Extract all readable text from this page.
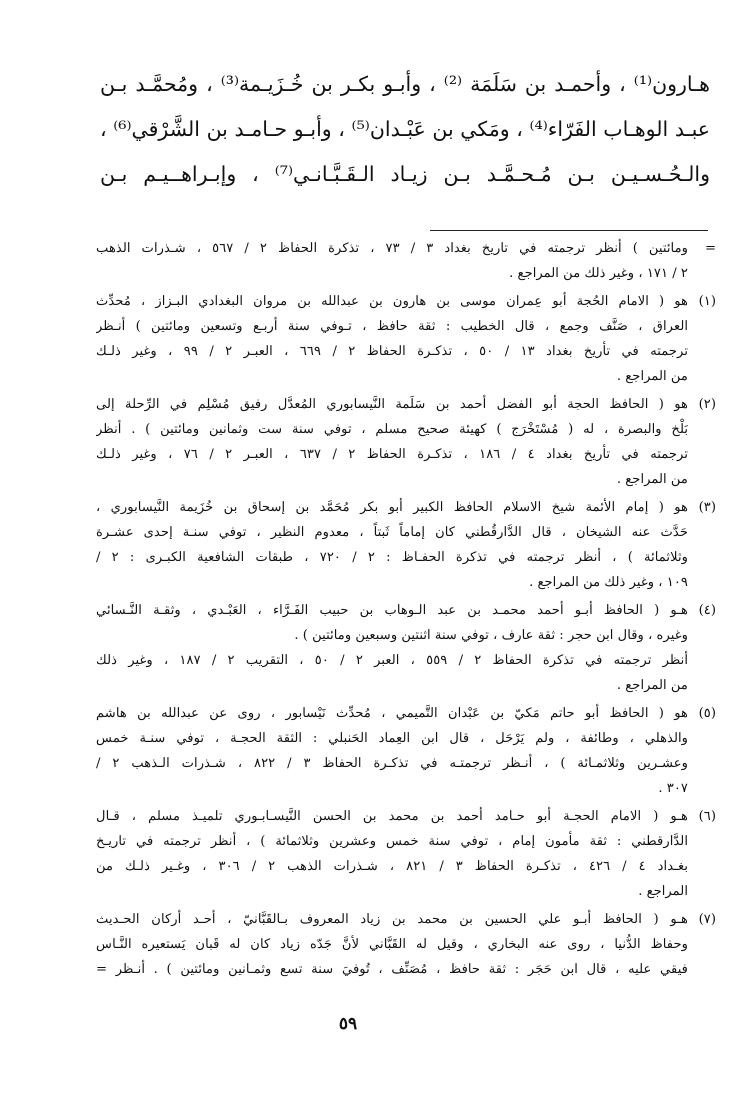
هـارون⁽¹⁾ ، وأحمـد بن سَلَمَة ⁽²⁾ ، وأبـو بكـر بن خُـزَيـمة⁽³⁾ ، ومُحمَّـد بـن
عبـد الوهـاب الفَرّاء⁽⁴⁾ ، ومَكي بن عَبْـدان⁽⁵⁾ ، وأبـو حـامـد بن الشَّرْقي⁽⁶⁾ ،
والـحُـسـيـن بـن مُـحـمَّـد بـن زيـاد الـقَـبَّـانـي⁽⁷⁾ ، وإبـراهــيـم بـن
=
ومائتين ) أنظر ترجمته في تاريخ بغداد ٣ / ٧٣ ، تذكرة الحفاظ ٢ / ٥٦٧ ، شـذرات الذهب
٢ / ١٧١ ، وغير ذلك من المراجع .
(١)
هو ( الامام الحُجة أبو عِمران موسى بن هارون بن عبدالله بن مروان البغدادي البـزاز ، مُحدِّث
العراق ، صَنَّف وجمع ، قال الخطيب : ثقة حافظ ، تـوفي سنة أربـع وتسعين ومائتين ) أنـظر
ترجمته في تأريخ بغداد ١٣ / ٥٠ ، تذكـرة الحفاظ ٢ / ٦٦٩ ، العبـر ٢ / ٩٩ ، وغير ذلـك
من المراجع .
(٢)
هو ( الحافظ الحجة أبو الفضل أحمد بن سَلَمة النَّيسابوري المُعدَّل رفيق مُسْلِم في الرِّحلة إلى
بَلْخ والبصرة ، له ( مُسْتَخْرَج ) كهيئة صحيح مسلم ، توفي سنة ست وثمانين ومائتين ) . أنظر
ترجمته في تأريخ بغداد ٤ / ١٨٦ ، تذكـرة الحفاظ ٢ / ٦٣٧ ، العبـر ٢ / ٧٦ ، وغير ذلـك
من المراجع .
(٣)
هو ( إمام الأئمة شيخ الاسلام الحافظ الكبير أبو بكر مُحَمَّد بن إسحاق بن خُزَيمة النَّيسابوري ،
حَدَّث عنه الشيخان ، قال الدَّارقُطني كان إماماً ثَبتاً ، معدوم النظير ، توفي سنـة إحدى عشـرة
وثلاثمائة ) ، أنظر ترجمته في تذكرة الحفـاظ : ٢ / ٧٢٠ ، طبقات الشافعية الكبـرى : ٢ /
١٠٩ ، وغير ذلك من المراجع .
(٤)
هـو ( الحافظ أبـو أحمد محمـد بن عبد الـوهاب بن حبيب الفَـرَّاء ، العَبْـدي ، وثقـة النَّـسائي
وغيره ، وقال ابن حجر : ثقة عارف ، توفي سنة اثنتين وسبعين ومائتين ) .
أنظر ترجمته في تذكرة الحفاظ ٢ / ٥٥٩ ، العبر ٢ / ٥٠ ، التقريب ٢ / ١٨٧ ، وغير ذلك
من المراجع .
(٥)
هو ( الحافظ أبو حاتم مَكيّ بن عَبْدان التَّميمي ، مُحدِّث نَيْسابور ، روى عن عبدالله بن هاشم
والذهلي ، وطائفة ، ولم يَرْحَل ، قال ابن العِماد الحَنبلي : الثقة الحجـة ، توفي سنـة خمس
وعشـرين وثلاثمـائة ) ، أنـظر ترجمتـه في تذكـرة الحفاظ ٣ / ٨٢٢ ، شـذرات الـذهب ٢ /
٣٠٧ .
(٦)
هـو ( الامام الحجـة أبو حـامد أحمد بن محمد بن الحسن النَّيسـابـوري تلميـذ مسلم ، قـال
الدَّارقطني : ثقة مأمون إمام ، توفي سنة خمس وعشرين وثلاثمائة ) ، أنظر ترجمته في تاريـخ
بغـداد ٤ / ٤٢٦ ، تذكـرة الحفاظ ٣ / ٨٢١ ، شـذرات الذهب ٢ / ٣٠٦ ، وغـير ذلـك من
المراجع .
(٧)
هـو ( الحافظ أبـو علي الحسين بن محمد بن زياد المعروف بـالقَبَّانيّ ، أحـد أركان الحـديث
وحفاظ الدُّنيا ، روى عنه البخاري ، وقيل له القَبَّاني لأنَّ جَدّه زياد كان له قَبان يَستعيره النَّـاس
فيقي عليه ، قال ابن حَجَر : ثقة حافظ ، مُصَنِّف ، تُوفيَ سنة تسع وثمـانين ومائتين ) . أنـظر =
٥٩
